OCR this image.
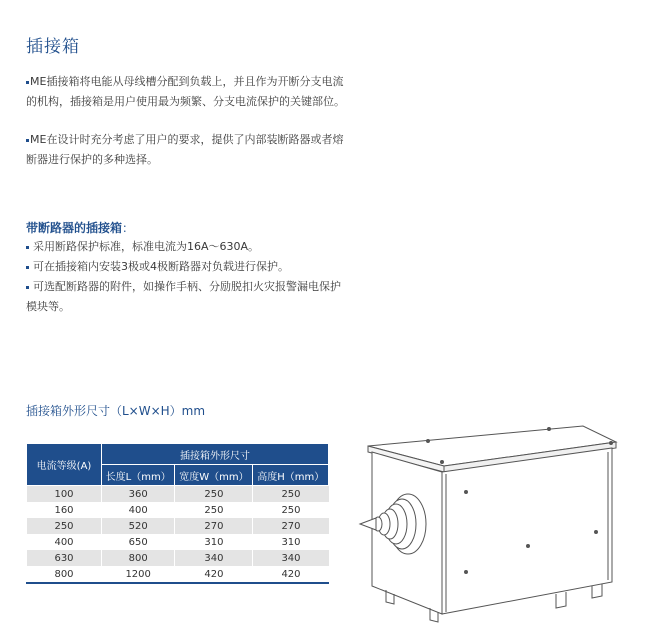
插接箱
ME插接箱将电能从母线槽分配到负载上，并且作为开断分支电流的机构，插接箱是用户使用最为频繁、分支电流保护的关键部位。
ME在设计时充分考虑了用户的要求，提供了内部装断路器或者熔断器进行保护的多种选择。
带断路器的插接箱：
采用断路保护标准，标准电流为16A～630A。
可在插接箱内安装3极或4极断路器对负载进行保护。
可选配断路器的附件，如操作手柄、分励脱扣火灾报警漏电保护模块等。
插接箱外形尺寸（L×W×H）mm
电流等级(A)	插接箱外形尺寸		
	长度L（mm）	宽度W（mm）	高度H（mm）
100	360	250	250
160	400	250	250
250	520	270	270
400	650	310	310
630	800	340	340
800	1200	420	420
